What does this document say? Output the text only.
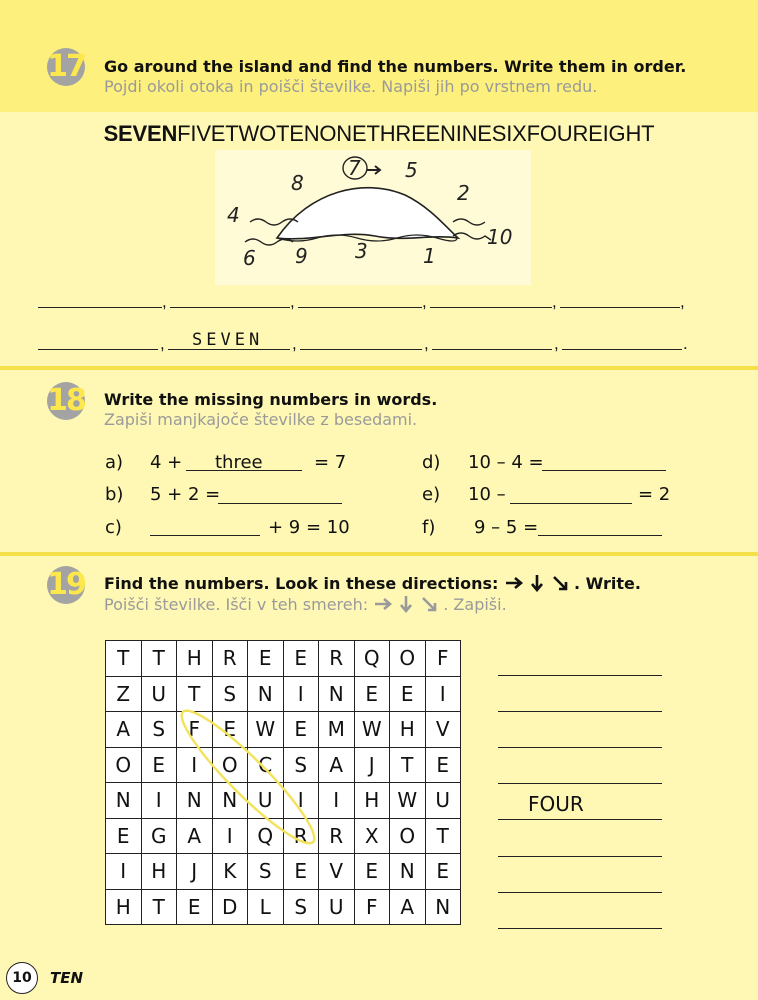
17 Go around the island and find the numbers. Write them in order.
Pojdi okoli otoka in poišči številke. Napiši jih po vrstnem redu.
SEVENFIVETWOTENONETHREENINESIXFOUREIGHT
7 5
8	2
4
10
6 9 3	1
,	,	,	,	,
, SEVEN ,	,	,	.
18 Write the missing numbers in words.
Zapiši manjkajoče številke z besedami.
a) 4 + three	= 7
b) 5 + 2 =
c)	+ 9 = 10
d) 10 – 4 =
e) 10 –	= 2
f) 9 – 5 =
19 Find the numbers. Look in these directions:	. Write.
Poišči številke. Išči v teh smereh:	. Zapiši.
T	T	H	R	E	E	R	Q	O	F
Z	U	T	S	N	I	N	E	E	I
A	S	F	E	W	E	M	W	H	V
O	E	I	O	C	S	A	J	T	E
N	I	N	N	U	I	I	H	W	U
E	G	A	I	Q	R	R	X	O	T
I	H	J	K	S	E	V	E	N	E
H	T	E	D	L	S	U	F	A	N
FOUR
10	TEN
